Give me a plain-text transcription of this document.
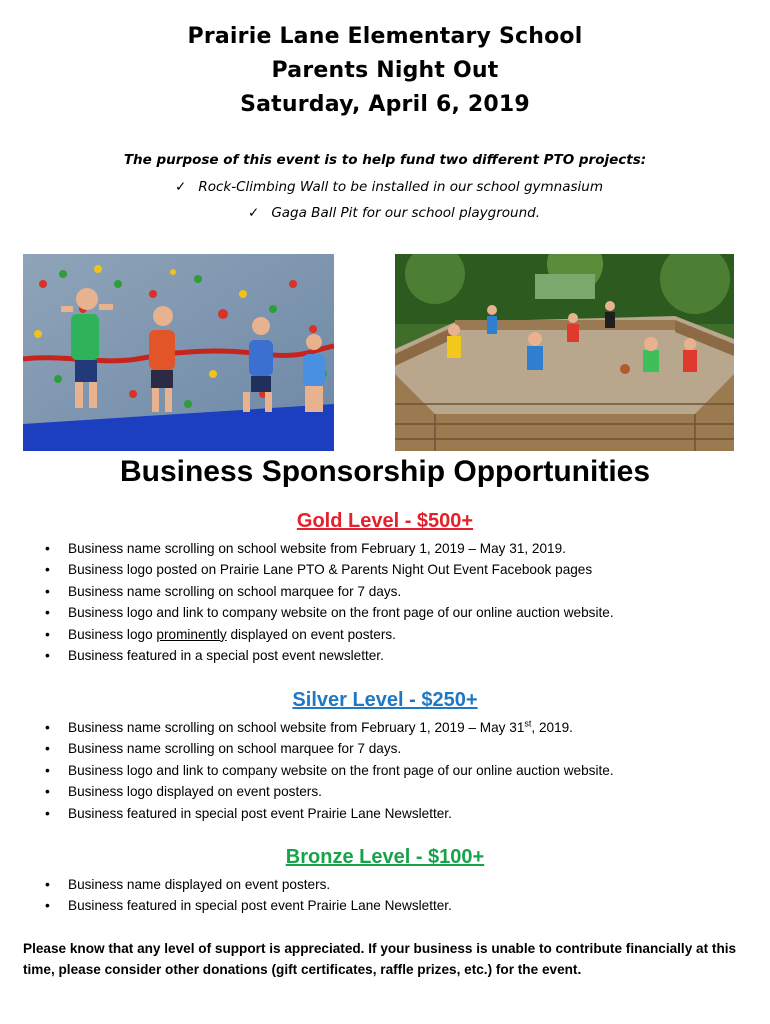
Prairie Lane Elementary School
Parents Night Out
Saturday, April 6, 2019
The purpose of this event is to help fund two different PTO projects:
✓ Rock-Climbing Wall to be installed in our school gymnasium
✓ Gaga Ball Pit for our school playground.
Business Sponsorship Opportunities
Gold Level - $500+
• Business name scrolling on school website from February 1, 2019 – May 31, 2019.
• Business logo posted on Prairie Lane PTO & Parents Night Out Event Facebook pages
• Business name scrolling on school marquee for 7 days.
• Business logo and link to company website on the front page of our online auction website.
• Business logo prominently displayed on event posters.
• Business featured in a special post event newsletter.
Silver Level - $250+
• Business name scrolling on school website from February 1, 2019 – May 31st, 2019.
• Business name scrolling on school marquee for 7 days.
• Business logo and link to company website on the front page of our online auction website.
• Business logo displayed on event posters.
• Business featured in special post event Prairie Lane Newsletter.
Bronze Level - $100+
• Business name displayed on event posters.
• Business featured in special post event Prairie Lane Newsletter.
Please know that any level of support is appreciated. If your business is unable to contribute financially at this time, please consider other donations (gift certificates, raffle prizes, etc.) for the event.
